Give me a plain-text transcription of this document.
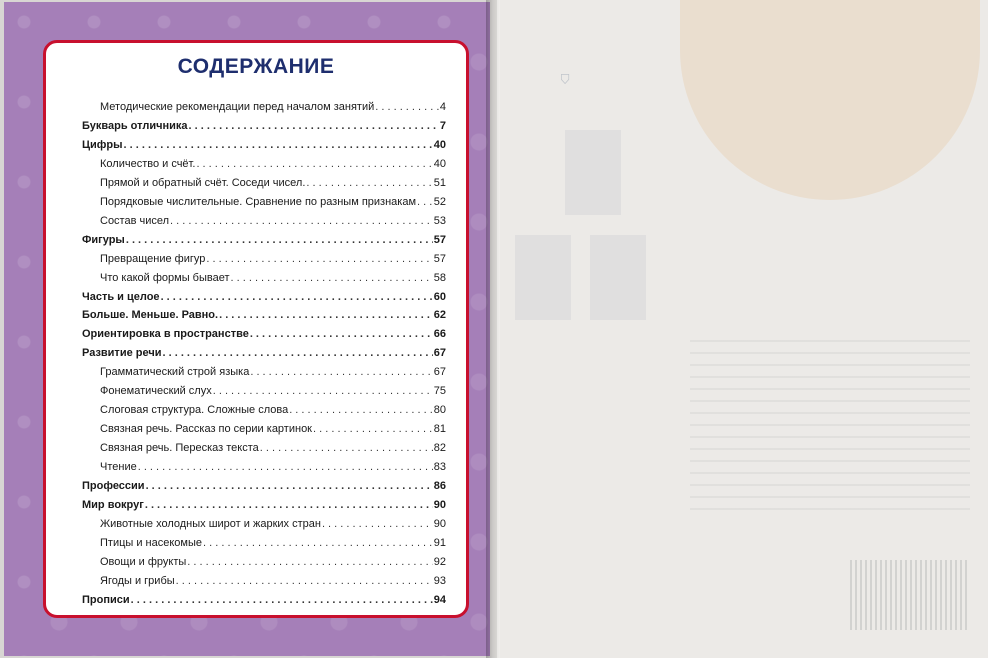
⌂
СОДЕРЖАНИЕ
Методические рекомендации перед началом занятий . . .	4
Букварь отличника . . .	7
Цифры . . .	40
Количество и счёт. . . .	40
Прямой и обратный счёт. Соседи чисел. . . .	51
Порядковые числительные. Сравнение по разным признакам . . . 52
Состав чисел . . .	53
Фигуры . . .	57
Превращение фигур . . .	57
Что какой формы бывает . . .	58
Часть и целое . . .	60
Больше. Меньше. Равно. . . .	62
Ориентировка в пространстве . . .	66
Развитие речи . . .	67
Грамматический строй языка . . .	67
Фонематический слух . . .	75
Слоговая структура. Сложные слова . . .	80
Связная речь. Рассказ по серии картинок . . .	81
Связная речь. Пересказ текста . . .	82
Чтение . . .	83
Профессии . . .	86
Мир вокруг . . .	90
Животные холодных широт и жарких стран . . .	90
Птицы и насекомые . . .	91
Овощи и фрукты . . .	92
Ягоды и грибы . . .	93
Прописи . . .	94
